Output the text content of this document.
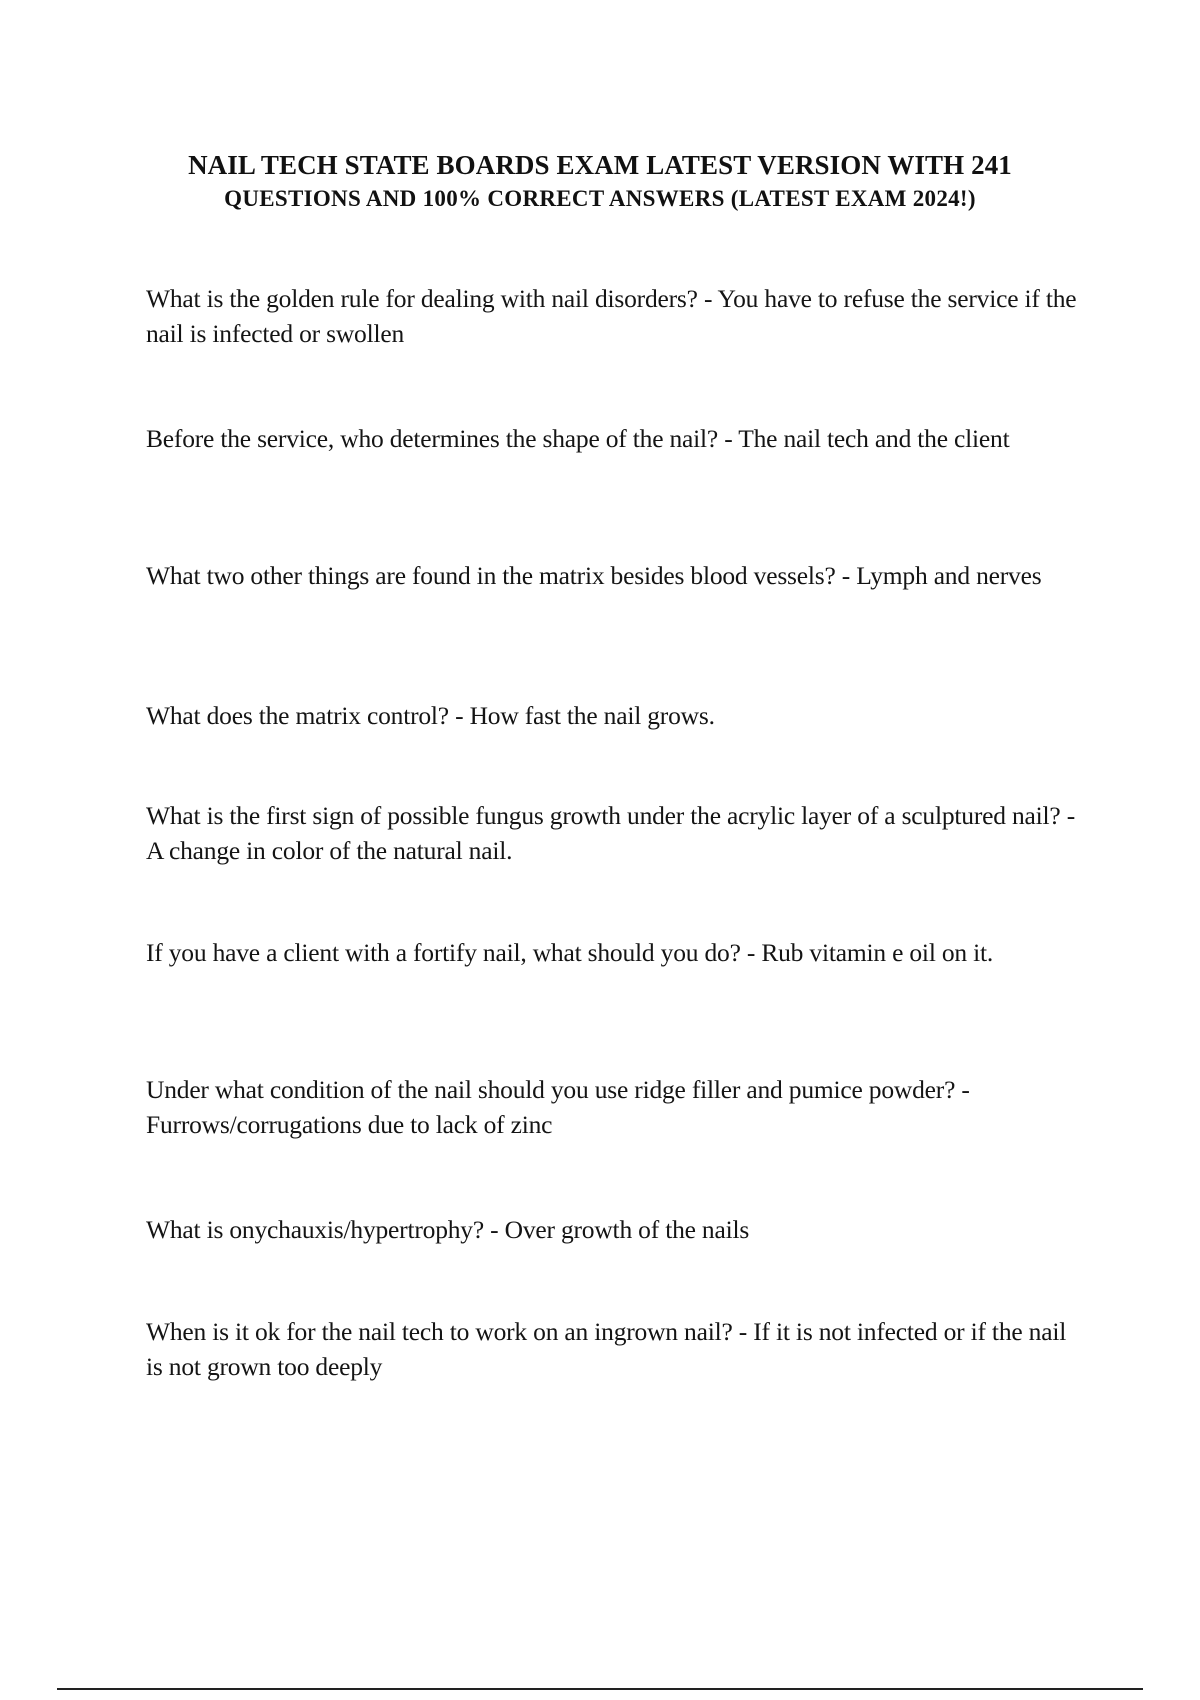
NAIL TECH STATE BOARDS EXAM LATEST VERSION WITH 241
QUESTIONS AND 100% CORRECT ANSWERS (LATEST EXAM 2024!)

What is the golden rule for dealing with nail disorders? - You have to refuse the service if the nail is infected or swollen

Before the service, who determines the shape of the nail? - The nail tech and the client

What two other things are found in the matrix besides blood vessels? - Lymph and nerves

What does the matrix control? - How fast the nail grows.

What is the first sign of possible fungus growth under the acrylic layer of a sculptured nail? - A change in color of the natural nail.

If you have a client with a fortify nail, what should you do? - Rub vitamin e oil on it.

Under what condition of the nail should you use ridge filler and pumice powder? - Furrows/corrugations due to lack of zinc

What is onychauxis/hypertrophy? - Over growth of the nails

When is it ok for the nail tech to work on an ingrown nail? - If it is not infected or if the nail is not grown too deeply
